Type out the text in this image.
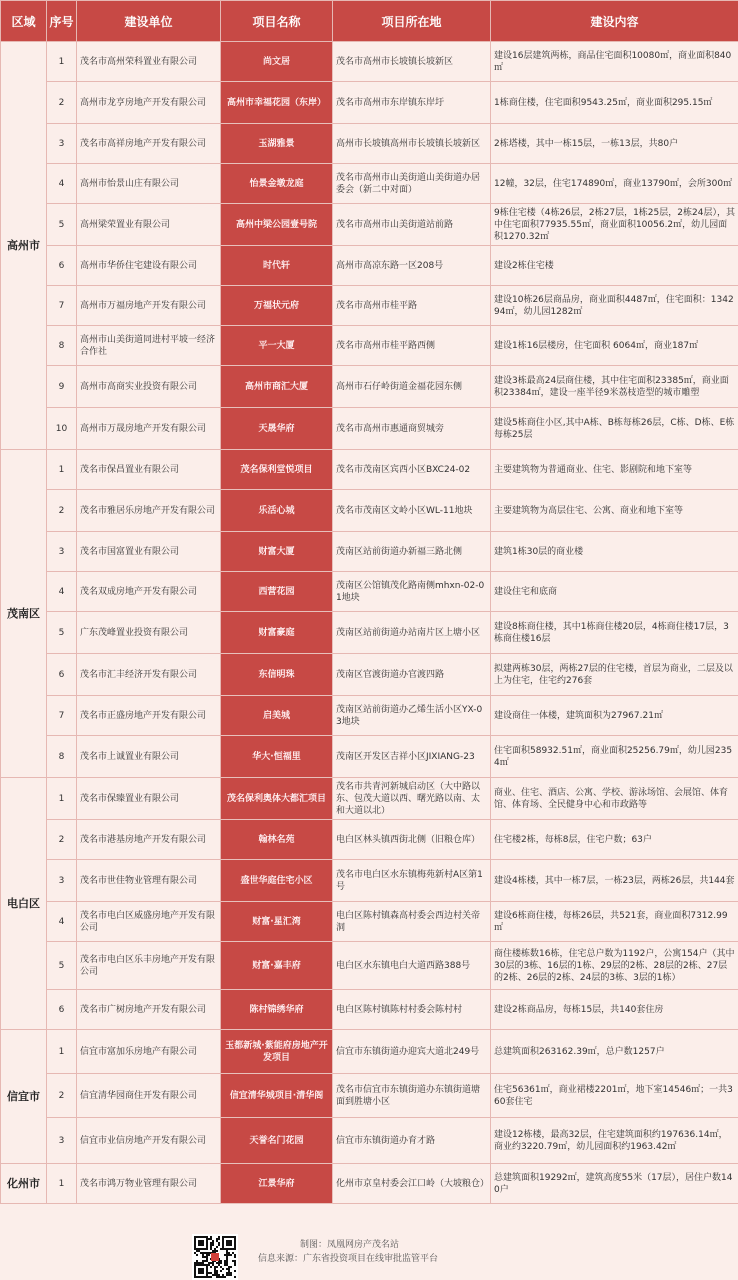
区域	序号	建设单位	项目名称	项目所在地	建设内容
高州市	1	茂名市高州荣科置业有限公司	尚文居	茂名市高州市长坡镇长坡新区	建设16层建筑两栋，商品住宅面积10080㎡，商业面积840㎡
	2	高州市龙亨房地产开发有限公司	高州市幸福花园（东岸）	茂名市高州市东岸镇东岸圩	1栋商住楼，住宅面积9543.25㎡，商业面积295.15㎡
	3	茂名市高祥房地产开发有限公司	玉湖雅景	高州市长坡镇高州市长坡镇长坡新区	2栋塔楼，其中一栋15层，一栋13层，共80户
	4	高州市怡景山庄有限公司	怡景金墩龙庭	茂名市高州市山美街道山美街道办居委会（新二中对面）	12幢，32层，住宅174890㎡，商业13790㎡，会所300㎡
	5	高州梁荣置业有限公司	高州中梁公园壹号院	茂名市高州市山美街道站前路	9栋住宅楼（4栋26层，2栋27层，1栋25层，2栋24层），其中住宅面积77935.55㎡，商业面积10056.2㎡，幼儿园面积1270.32㎡
	6	高州市华侨住宅建设有限公司	时代轩	高州市高凉东路一区208号	建设2栋住宅楼
	7	高州市万福房地产开发有限公司	万福状元府	茂名市高州市桂平路	建设10栋26层商品房，商业面积4487㎡，住宅面积：134294㎡，幼儿园1282㎡
	8	高州市山美街道同进村平坡一经济合作社	平一大厦	茂名市高州市桂平路西侧	建设1栋16层楼房，住宅面积 6064㎡，商业187㎡
	9	高州市高商实业投资有限公司	高州市商汇大厦	高州市石仔岭街道金福花园东侧	建设3栋最高24层商住楼，其中住宅面积23385㎡，商业面积23384㎡，建设一座半径9米荔枝造型的城市雕塑
	10	高州市万晟房地产开发有限公司	天晟华府	茂名市高州市惠通商贸城旁	建设5栋商住小区,其中A栋、B栋每栋26层，C栋、D栋、E栋每栋25层
茂南区	1	茂名市保昌置业有限公司	茂名保利堂悦项目	茂名市茂南区宾西小区BXC24-02	主要建筑物为普通商业、住宅、影剧院和地下室等
	2	茂名市雅居乐房地产开发有限公司	乐活心城	茂名市茂南区文岭小区WL-11地块	主要建筑物为高层住宅、公寓、商业和地下室等
	3	茂名市国富置业有限公司	财富大厦	茂南区站前街道办新福三路北侧	建筑1栋30层的商业楼
	4	茂名双成房地产开发有限公司	西营花园	茂南区公馆镇茂化路南侧mhxn-02-01地块	建设住宅和底商
	5	广东茂峰置业投资有限公司	财富豪庭	茂南区站前街道办站南片区上塘小区	建设8栋商住楼，其中1栋商住楼20层，4栋商住楼17层，3栋商住楼16层
	6	茂名市汇丰经济开发有限公司	东信明珠	茂南区官渡街道办官渡四路	拟建两栋30层，两栋27层的住宅楼，首层为商业，二层及以上为住宅，住宅约276套
	7	茂名市正盛房地产开发有限公司	启美城	茂南区站前街道办乙烯生活小区YX-03地块	建设商住一体楼，建筑面积为27967.21㎡
	8	茂名市上诚置业有限公司	华大·恒福里	茂南区开发区吉祥小区JIXIANG-23	住宅面积58932.51㎡，商业面积25256.79㎡，幼儿园2354㎡
电白区	1	茂名市保臻置业有限公司	茂名保利奥体大都汇项目	茂名市共青河新城启动区（大中路以东、包茂大道以西、曙光路以南、太和大道以北）	商业、住宅、酒店、公寓、学校、游泳场馆、会展馆、体育馆、体育场、全民健身中心和市政路等
	2	茂名市港基房地产开发有限公司	翰林名苑	电白区林头镇西街北侧（旧粮仓库）	住宅楼2栋，每栋8层，住宅户数；63户
	3	茂名市世佳物业管理有限公司	盛世华庭住宅小区	茂名市电白区水东镇梅苑新村A区第1号	建设4栋楼，其中一栋7层，一栋23层，两栋26层，共144套
	4	茂名市电白区威盛房地产开发有限公司	财富·星汇湾	电白区陈村镇森高村委会西边村关帝洞	建设6栋商住楼，每栋26层，共521套，商业面积7312.99㎡
	5	茂名市电白区乐丰房地产开发有限公司	财富·嘉丰府	电白区水东镇电白大道西路388号	商住楼栋数16栋，住宅总户数为1192户，公寓154户（其中30层的3栋、16层的1栋、29层的2栋、28层的2栋、27层的2栋、26层的2栋、24层的3栋、3层的1栋）
	6	茂名市广树房地产开发有限公司	陈村锦绣华府	电白区陈村镇陈村村委会陈村村	建设2栋商品房，每栋15层，共140套住房
信宜市	1	信宜市富加乐房地产有限公司	玉都新城·紫能府房地产开发项目	信宜市东镇街道办迎宾大道北249号	总建筑面积263162.39㎡，总户数1257户
	2	信宜清华园商住开发有限公司	信宜清华城项目·清华阁	茂名市信宜市东镇街道办东镇街道塘面到胜塘小区	住宅56361㎡，商业裙楼2201㎡，地下室14546㎡；一共360套住宅
	3	信宜市业信房地产开发有限公司	天誉名门花园	信宜市东镇街道办育才路	建设12栋楼，最高32层，住宅建筑面积约197636.14㎡，商业约3220.79㎡，幼儿园面积约1963.42㎡
化州市	1	茂名市鸿万物业管理有限公司	江景华府	化州市京皇村委会江口岭（大坡粮仓）	总建筑面积19292㎡，建筑高度55米（17层），居住户数140户
制图：凤凰网房产茂名站
信息来源：广东省投资项目在线审批监管平台
